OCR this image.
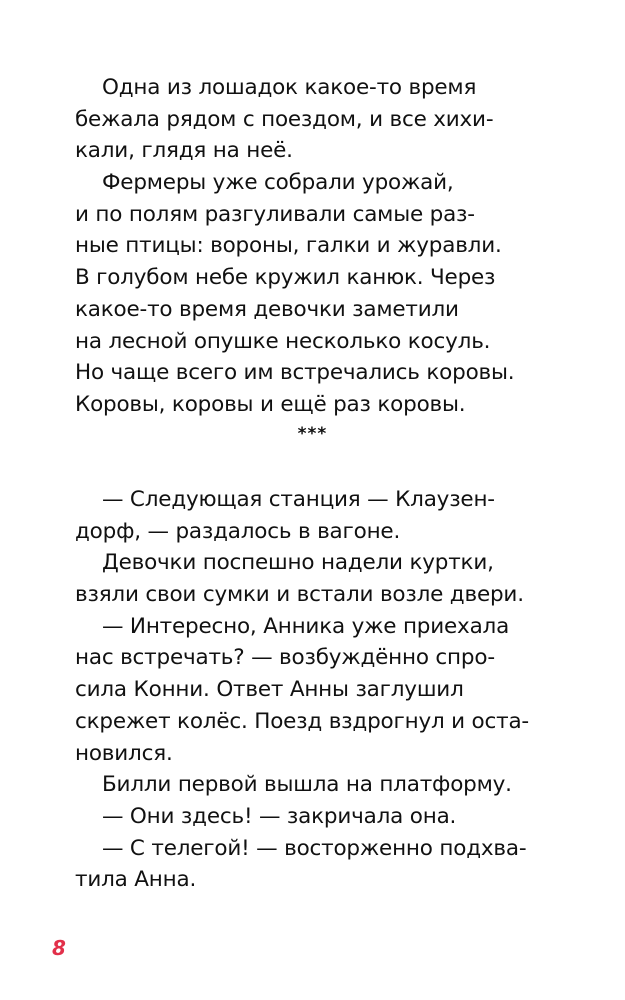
Одна из лошадок какое-то время

бежала рядом с поездом, и все хихи-

кали, глядя на неё.

Фермеры уже собрали урожай,

и по полям разгуливали самые раз-

ные птицы: вороны, галки и журавли.

В голубом небе кружил канюк. Через

какое-то время девочки заметили

на лесной опушке несколько косуль.

Но чаще всего им встречались коровы.

Коровы, коровы и ещё раз коровы.

***

— Следующая станция — Клаузен-

дорф, — раздалось в вагоне.

Девочки поспешно надели куртки,

взяли свои сумки и встали возле двери.

— Интересно, Анника уже приехала

нас встречать? — возбуждённо спро-

сила Конни. Ответ Анны заглушил

скрежет колёс. Поезд вздрогнул и оста-

новился.

Билли первой вышла на платформу.

— Они здесь! — закричала она.

— С телегой! — восторженно подхва-

тила Анна.

8
